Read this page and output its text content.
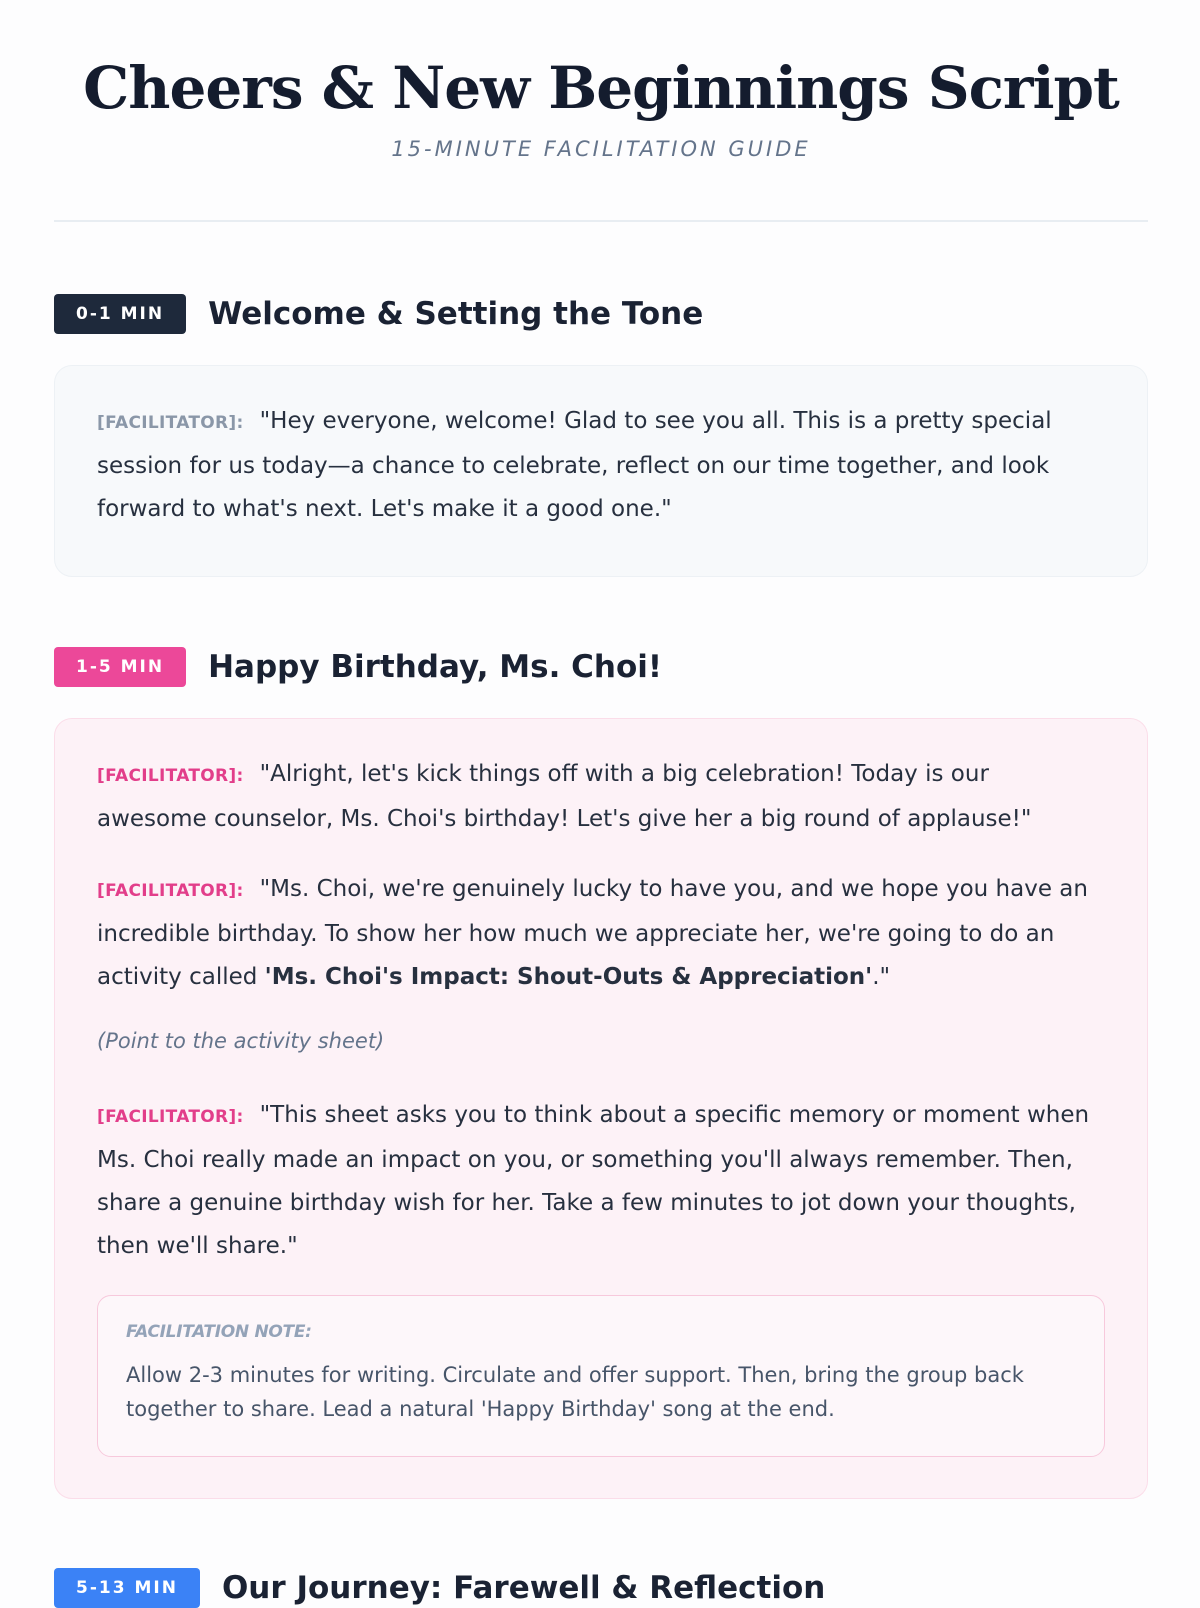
Cheers & New Beginnings Script
15-MINUTE FACILITATION GUIDE
0-1 MIN	Welcome & Setting the Tone

[FACILITATOR]: "Hey everyone, welcome! Glad to see you all. This is a pretty special session for us today—a chance to celebrate, reflect on our time together, and look forward to what's next. Let's make it a good one."

1-5 MIN	Happy Birthday, Ms. Choi!

[FACILITATOR]: "Alright, let's kick things off with a big celebration! Today is our awesome counselor, Ms. Choi's birthday! Let's give her a big round of applause!"

[FACILITATOR]: "Ms. Choi, we're genuinely lucky to have you, and we hope you have an incredible birthday. To show her how much we appreciate her, we're going to do an activity called 'Ms. Choi's Impact: Shout-Outs & Appreciation'."

(Point to the activity sheet)

[FACILITATOR]: "This sheet asks you to think about a specific memory or moment when Ms. Choi really made an impact on you, or something you'll always remember. Then, share a genuine birthday wish for her. Take a few minutes to jot down your thoughts, then we'll share."

FACILITATION NOTE:
Allow 2-3 minutes for writing. Circulate and offer support. Then, bring the group back together to share. Lead a natural 'Happy Birthday' song at the end.
5-13 MIN	Our Journey: Farewell & Reflection
